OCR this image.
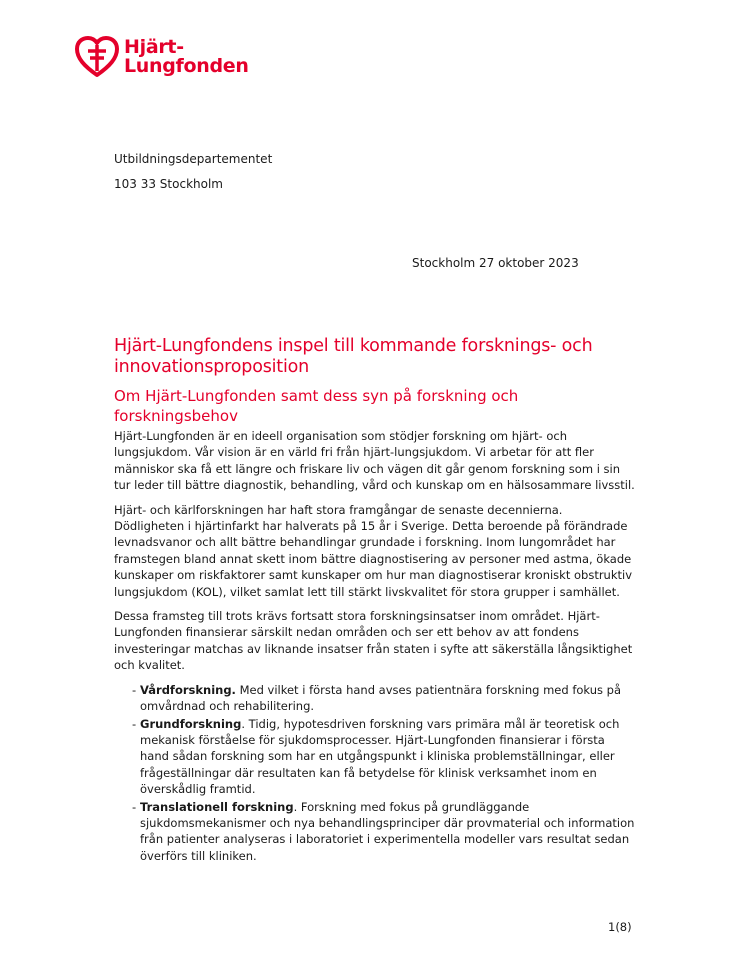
Hjärt-
Lungfonden
Utbildningsdepartementet
103 33 Stockholm
Stockholm 27 oktober 2023
Hjärt-Lungfondens inspel till kommande forsknings- och innovationsproposition
Om Hjärt-Lungfonden samt dess syn på forskning och forskningsbehov

Hjärt-Lungfonden är en ideell organisation som stödjer forskning om hjärt- och lungsjukdom. Vår vision är en värld fri från hjärt-lungsjukdom. Vi arbetar för att fler människor ska få ett längre och friskare liv och vägen dit går genom forskning som i sin tur leder till bättre diagnostik, behandling, vård och kunskap om en hälsosammare livsstil.

Hjärt- och kärlforskningen har haft stora framgångar de senaste decennierna. Dödligheten i hjärtinfarkt har halverats på 15 år i Sverige. Detta beroende på förändrade levnadsvanor och allt bättre behandlingar grundade i forskning. Inom lungområdet har framstegen bland annat skett inom bättre diagnostisering av personer med astma, ökade kunskaper om riskfaktorer samt kunskaper om hur man diagnostiserar kroniskt obstruktiv lungsjukdom (KOL), vilket samlat lett till stärkt livskvalitet för stora grupper i samhället.

Dessa framsteg till trots krävs fortsatt stora forskningsinsatser inom området. Hjärt-Lungfonden finansierar särskilt nedan områden och ser ett behov av att fondens investeringar matchas av liknande insatser från staten i syfte att säkerställa långsiktighet och kvalitet.

- Vårdforskning. Med vilket i första hand avses patientnära forskning med fokus på omvårdnad och rehabilitering.
- Grundforskning. Tidig, hypotesdriven forskning vars primära mål är teoretisk och mekanisk förståelse för sjukdomsprocesser. Hjärt-Lungfonden finansierar i första hand sådan forskning som har en utgångspunkt i kliniska problemställningar, eller frågeställningar där resultaten kan få betydelse för klinisk verksamhet inom en överskådlig framtid.
- Translationell forskning. Forskning med fokus på grundläggande sjukdomsmekanismer och nya behandlingsprinciper där provmaterial och information från patienter analyseras i laboratoriet i experimentella modeller vars resultat sedan överförs till kliniken.
1(8)
